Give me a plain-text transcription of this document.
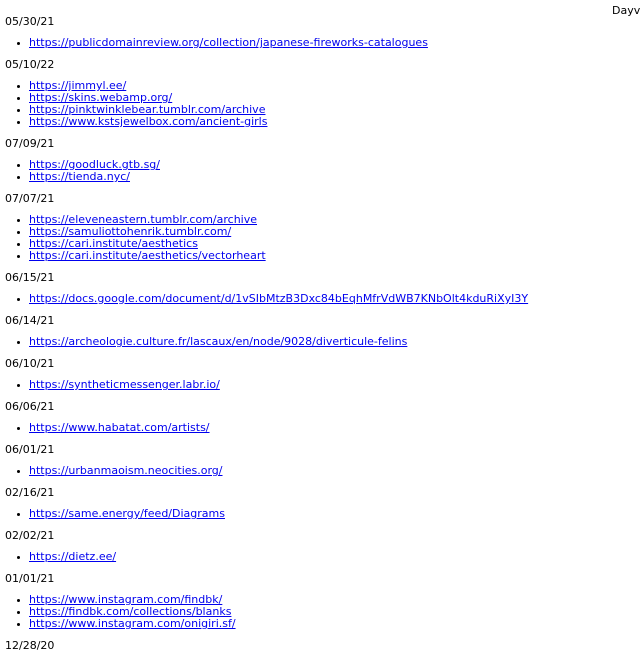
Dayv
05/30/21
• https://publicdomainreview.org/collection/japanese-fireworks-catalogues
05/10/22
• https://jimmyl.ee/
• https://skins.webamp.org/
• https://pinktwinklebear.tumblr.com/archive
• https://www.kstsjewelbox.com/ancient-girls
07/09/21
• https://goodluck.gtb.sg/
• https://tienda.nyc/
07/07/21
• https://eleveneastern.tumblr.com/archive
• https://samuliottohenrik.tumblr.com/
• https://cari.institute/aesthetics
• https://cari.institute/aesthetics/vectorheart
06/15/21
• https://docs.google.com/document/d/1vSIbMtzB3Dxc84bEqhMfrVdWB7KNbOlt4kduRiXyI3Y
06/14/21
• https://archeologie.culture.fr/lascaux/en/node/9028/diverticule-felins
06/10/21
• https://syntheticmessenger.labr.io/
06/06/21
• https://www.habatat.com/artists/
06/01/21
• https://urbanmaoism.neocities.org/
02/16/21
• https://same.energy/feed/Diagrams
02/02/21
• https://dietz.ee/
01/01/21
• https://www.instagram.com/findbk/
• https://findbk.com/collections/blanks
• https://www.instagram.com/onigiri.sf/
12/28/20
